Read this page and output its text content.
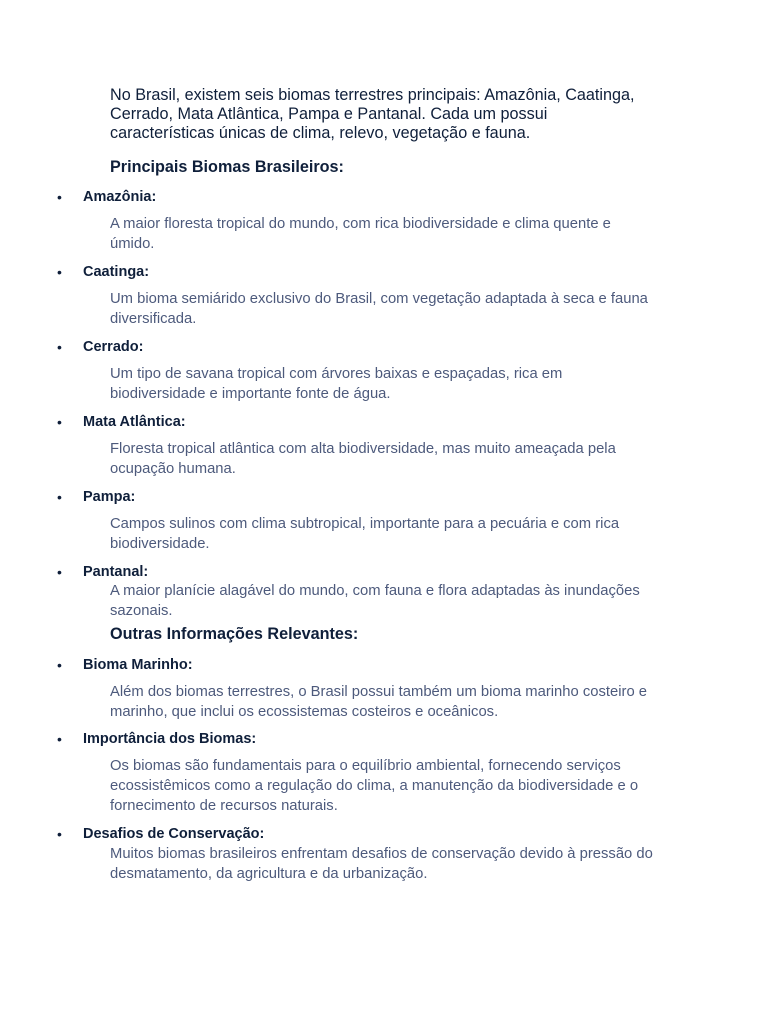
No Brasil, existem seis biomas terrestres principais: Amazônia, Caatinga, Cerrado, Mata Atlântica, Pampa e Pantanal. Cada um possui características únicas de clima, relevo, vegetação e fauna.

Principais Biomas Brasileiros:
• Amazônia:

A maior floresta tropical do mundo, com rica biodiversidade e clima quente e úmido.

• Caatinga:

Um bioma semiárido exclusivo do Brasil, com vegetação adaptada à seca e fauna diversificada.

• Cerrado:

Um tipo de savana tropical com árvores baixas e espaçadas, rica em biodiversidade e importante fonte de água.

• Mata Atlântica:

Floresta tropical atlântica com alta biodiversidade, mas muito ameaçada pela ocupação humana.

• Pampa:

Campos sulinos com clima subtropical, importante para a pecuária e com rica biodiversidade.

• Pantanal:

A maior planície alagável do mundo, com fauna e flora adaptadas às inundações sazonais.

Outras Informações Relevantes:
• Bioma Marinho:

Além dos biomas terrestres, o Brasil possui também um bioma marinho costeiro e marinho, que inclui os ecossistemas costeiros e oceânicos.

• Importância dos Biomas:

Os biomas são fundamentais para o equilíbrio ambiental, fornecendo serviços ecossistêmicos como a regulação do clima, a manutenção da biodiversidade e o fornecimento de recursos naturais.

• Desafios de Conservação:

Muitos biomas brasileiros enfrentam desafios de conservação devido à pressão do desmatamento, da agricultura e da urbanização.
